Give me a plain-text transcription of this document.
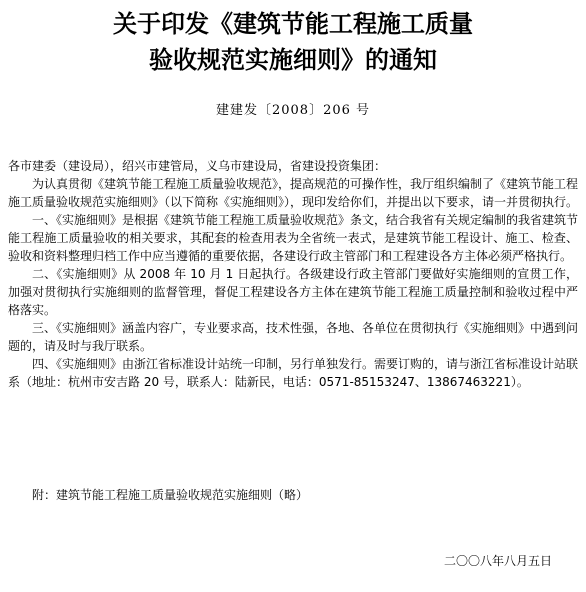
关于印发《建筑节能工程施工质量
验收规范实施细则》的通知
建建发〔2008〕206 号

各市建委（建设局），绍兴市建管局，义乌市建设局，省建设投资集团：

为认真贯彻《建筑节能工程施工质量验收规范》，提高规范的可操作性，我厅组织编制了《建筑节能工程施工质量验收规范实施细则》（以下简称《实施细则》），现印发给你们，并提出以下要求，请一并贯彻执行。

一、《实施细则》是根据《建筑节能工程施工质量验收规范》条文，结合我省有关规定编制的我省建筑节能工程施工质量验收的相关要求，其配套的检查用表为全省统一表式，是建筑节能工程设计、施工、检查、验收和资料整理归档工作中应当遵循的重要依据，各建设行政主管部门和工程建设各方主体必须严格执行。

二、《实施细则》从 2008 年 10 月 1 日起执行。各级建设行政主管部门要做好实施细则的宣贯工作，加强对贯彻执行实施细则的监督管理，督促工程建设各方主体在建筑节能工程施工质量控制和验收过程中严格落实。

三、《实施细则》涵盖内容广，专业要求高，技术性强，各地、各单位在贯彻执行《实施细则》中遇到问题的，请及时与我厅联系。

四、《实施细则》由浙江省标准设计站统一印制，另行单独发行。需要订购的，请与浙江省标准设计站联系（地址：杭州市安吉路 20 号，联系人：陆新民，电话：0571-85153247、13867463221）。

附：建筑节能工程施工质量验收规范实施细则（略）
二〇〇八年八月五日
